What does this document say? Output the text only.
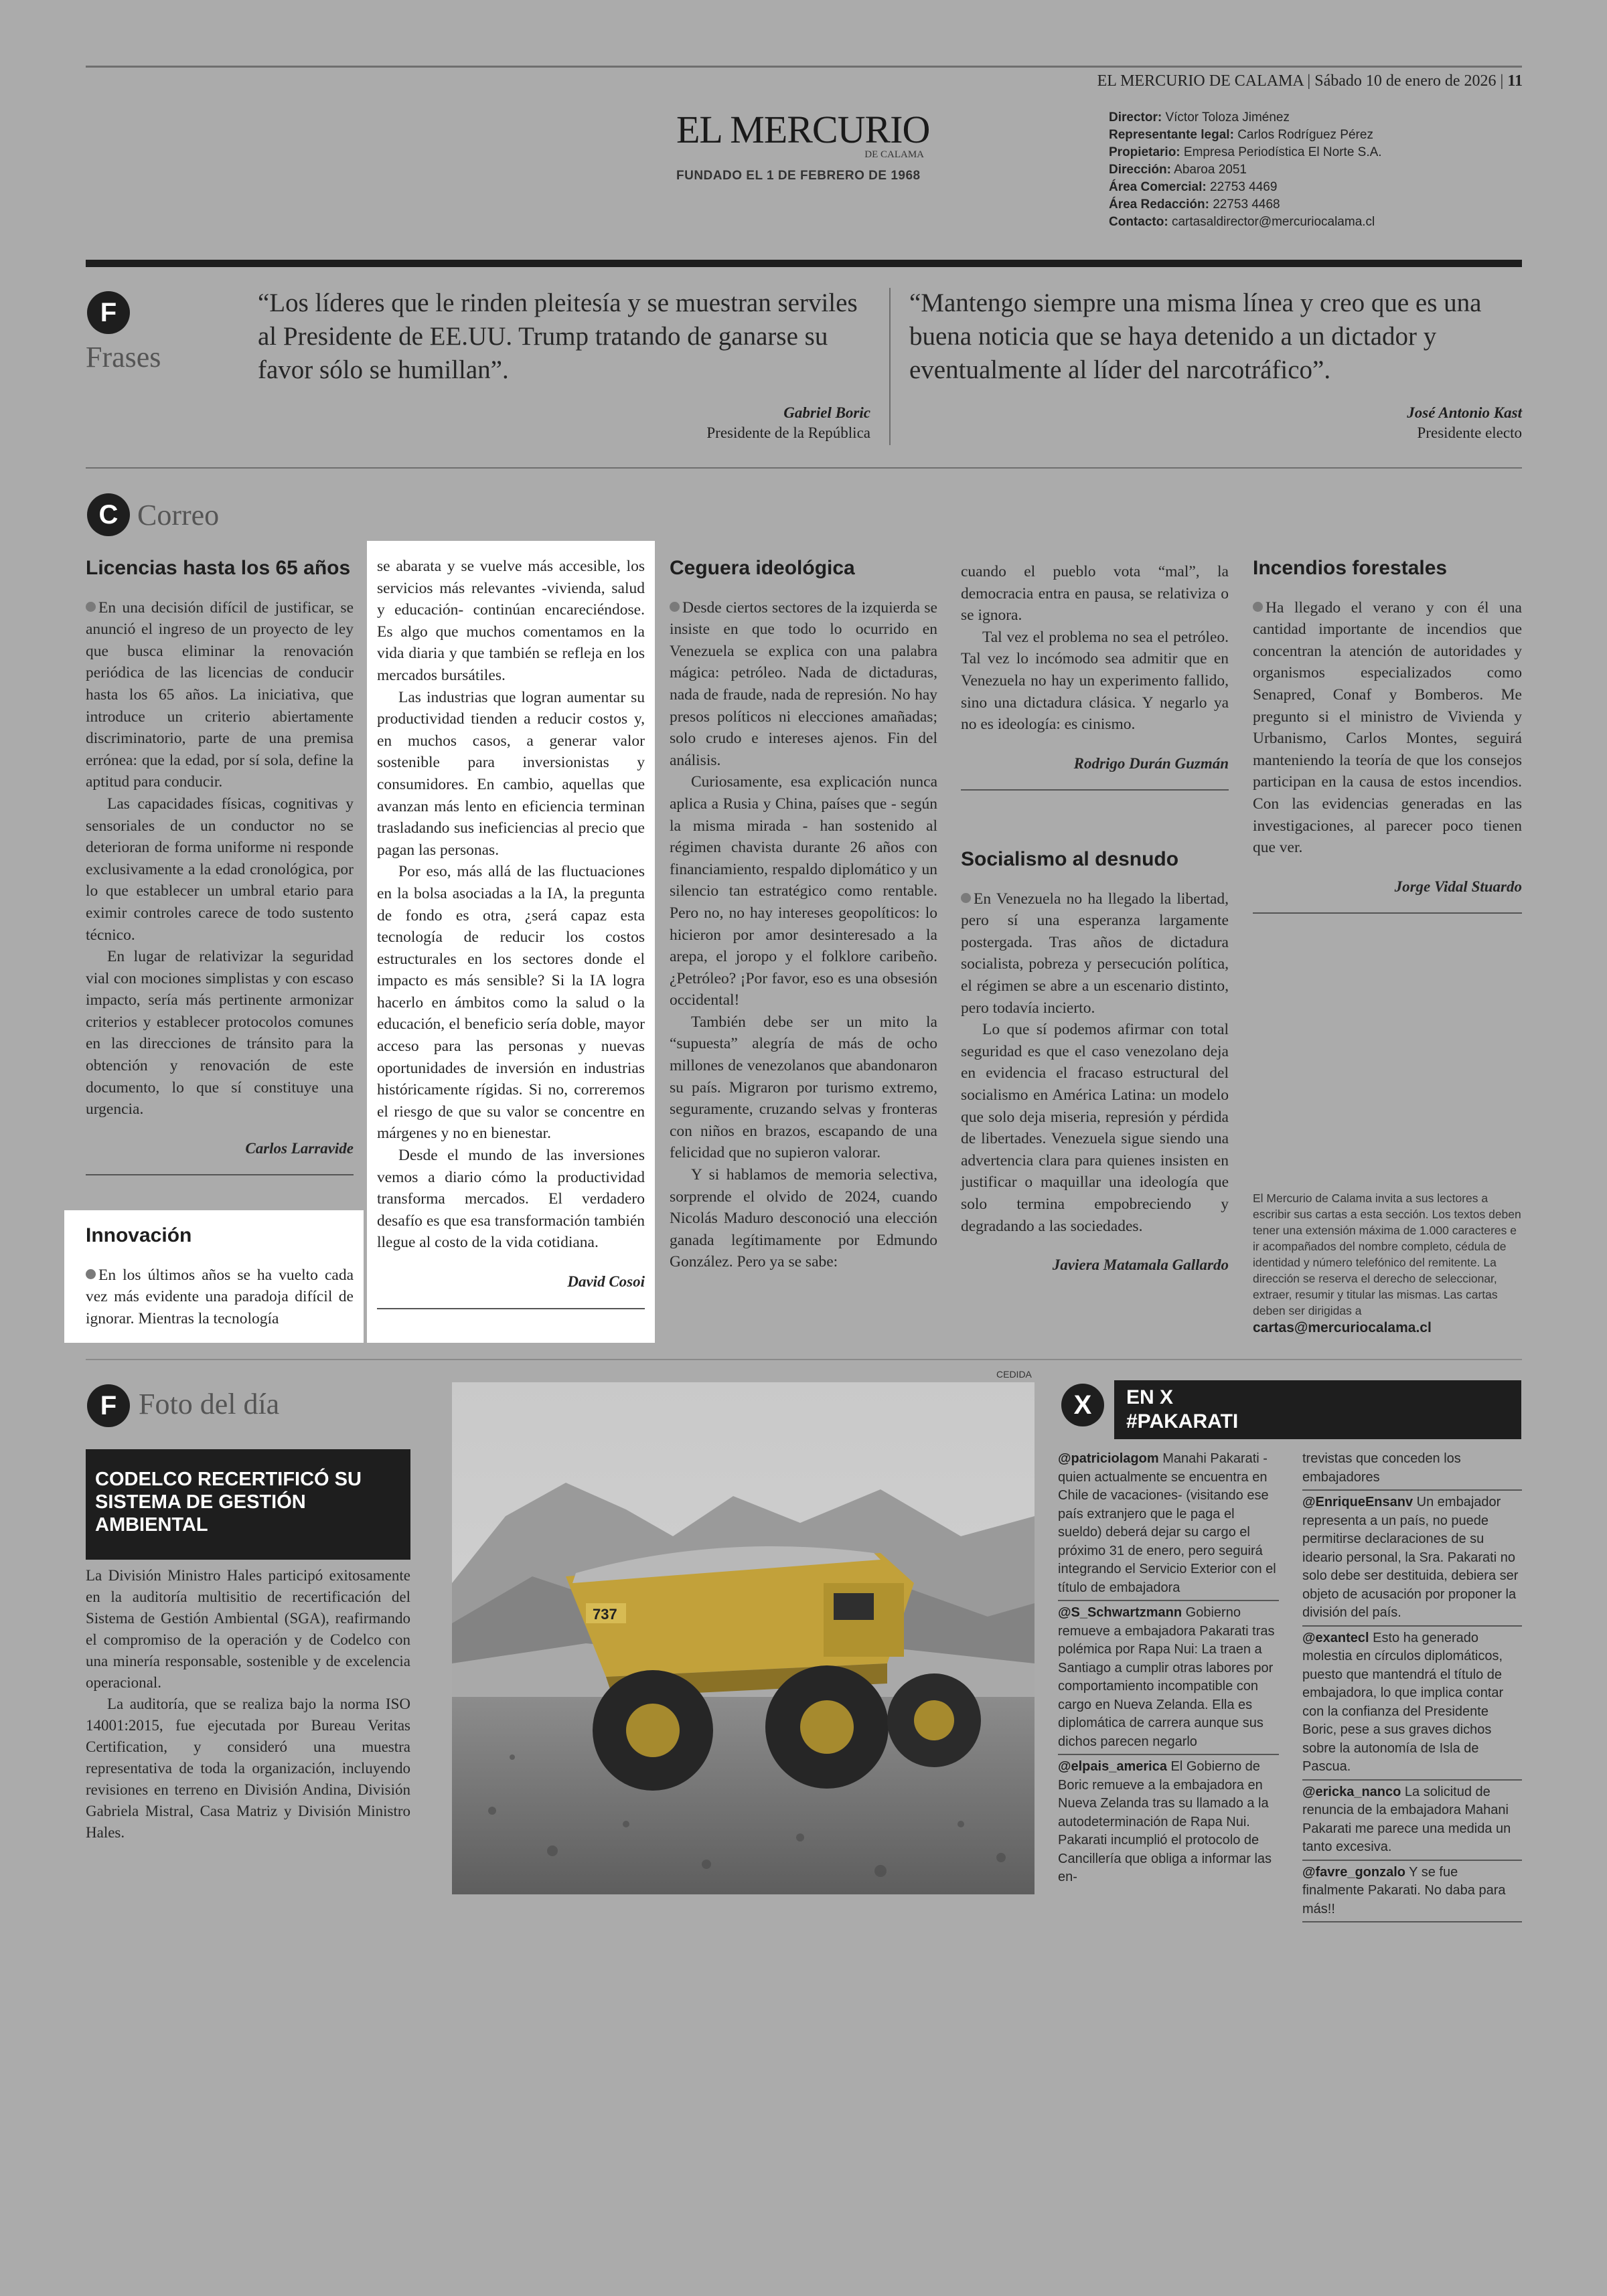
EL MERCURIO DE CALAMA | Sábado 10 de enero de 2026 | 11
EL MERCURIO
DE CALAMA
FUNDADO EL 1 DE FEBRERO DE 1968
Director: Víctor Toloza Jiménez
Representante legal: Carlos Rodríguez Pérez
Propietario: Empresa Periodística El Norte S.A.
Dirección: Abaroa 2051
Área Comercial: 22753 4469
Área Redacción: 22753 4468
Contacto: cartasaldirector@mercuriocalama.cl
F
Frases
“Los líderes que le rinden pleitesía y se muestran serviles al Presidente de EE.UU. Trump tratando de ganarse su favor sólo se humillan”.
Gabriel Boric
Presidente de la República
“Mantengo siempre una misma línea y creo que es una buena noticia que se haya detenido a un dictador y eventualmente al líder del narcotráfico”.
José Antonio Kast
Presidente electo
C Correo
Licencias hasta los 65 años

En una decisión difícil de justificar, se anunció el ingreso de un proyecto de ley que busca eliminar la renovación periódica de las licencias de conducir hasta los 65 años. La iniciativa, que introduce un criterio abiertamente discriminatorio, parte de una premisa errónea: que la edad, por sí sola, define la aptitud para conducir.

Las capacidades físicas, cognitivas y sensoriales de un conductor no se deterioran de forma uniforme ni responde exclusivamente a la edad cronológica, por lo que establecer un umbral etario para eximir controles carece de todo sustento técnico.

En lugar de relativizar la seguridad vial con mociones simplistas y con escaso impacto, sería más pertinente armonizar criterios y establecer protocolos comunes en las direcciones de tránsito para la obtención y renovación de este documento, lo que sí constituye una urgencia.

Carlos Larravide
Innovación

En los últimos años se ha vuelto cada vez más evidente una paradoja difícil de ignorar. Mientras la tecnología

se abarata y se vuelve más accesible, los servicios más relevantes -vivienda, salud y educación- continúan encareciéndose. Es algo que muchos comentamos en la vida diaria y que también se refleja en los mercados bursátiles.

Las industrias que logran aumentar su productividad tienden a reducir costos y, en muchos casos, a generar valor sostenible para inversionistas y consumidores. En cambio, aquellas que avanzan más lento en eficiencia terminan trasladando sus ineficiencias al precio que pagan las personas.

Por eso, más allá de las fluctuaciones en la bolsa asociadas a la IA, la pregunta de fondo es otra, ¿será capaz esta tecnología de reducir los costos estructurales en los sectores donde el impacto es más sensible? Si la IA logra hacerlo en ámbitos como la salud o la educación, el beneficio sería doble, mayor acceso para las personas y nuevas oportunidades de inversión en industrias históricamente rígidas. Si no, correremos el riesgo de que su valor se concentre en márgenes y no en bienestar.

Desde el mundo de las inversiones vemos a diario cómo la productividad transforma mercados. El verdadero desafío es que esa transformación también llegue al costo de la vida cotidiana.

David Cosoi
Ceguera ideológica

Desde ciertos sectores de la izquierda se insiste en que todo lo ocurrido en Venezuela se explica con una palabra mágica: petróleo. Nada de dictaduras, nada de fraude, nada de represión. No hay presos políticos ni elecciones amañadas; solo crudo e intereses ajenos. Fin del análisis.

Curiosamente, esa explicación nunca aplica a Rusia y China, países que - según la misma mirada - han sostenido al régimen chavista durante 26 años con financiamiento, respaldo diplomático y un silencio tan estratégico como rentable. Pero no, no hay intereses geopolíticos: lo hicieron por amor desinteresado a la arepa, el joropo y el folklore caribeño. ¿Petróleo? ¡Por favor, eso es una obsesión occidental!

También debe ser un mito la “supuesta” alegría de más de ocho millones de venezolanos que abandonaron su país. Migraron por turismo extremo, seguramente, cruzando selvas y fronteras con niños en brazos, escapando de una felicidad que no supieron valorar.

Y si hablamos de memoria selectiva, sorprende el olvido de 2024, cuando Nicolás Maduro desconoció una elección ganada legítimamente por Edmundo González. Pero ya se sabe:

cuando el pueblo vota “mal”, la democracia entra en pausa, se relativiza o se ignora.

Tal vez el problema no sea el petróleo. Tal vez lo incómodo sea admitir que en Venezuela no hay un experimento fallido, sino una dictadura clásica. Y negarlo ya no es ideología: es cinismo.

Rodrigo Durán Guzmán
Socialismo al desnudo

En Venezuela no ha llegado la libertad, pero sí una esperanza largamente postergada. Tras años de dictadura socialista, pobreza y persecución política, el régimen se abre a un escenario distinto, pero todavía incierto.

Lo que sí podemos afirmar con total seguridad es que el caso venezolano deja en evidencia el fracaso estructural del socialismo en América Latina: un modelo que solo deja miseria, represión y pérdida de libertades. Venezuela sigue siendo una advertencia clara para quienes insisten en justificar o maquillar una ideología que solo termina empobreciendo y degradando a las sociedades.

Javiera Matamala Gallardo
Incendios forestales

Ha llegado el verano y con él una cantidad importante de incendios que concentran la atención de autoridades y organismos especializados como Senapred, Conaf y Bomberos. Me pregunto si el ministro de Vivienda y Urbanismo, Carlos Montes, seguirá manteniendo la teoría de que los consejos participan en la causa de estos incendios. Con las evidencias generadas en las investigaciones, al parecer poco tienen que ver.

Jorge Vidal Stuardo
El Mercurio de Calama invita a sus lectores a escribir sus cartas a esta sección. Los textos deben tener una extensión máxima de 1.000 caracteres e ir acompañados del nombre completo, cédula de identidad y número telefónico del remitente. La dirección se reserva el derecho de seleccionar, extraer, resumir y titular las mismas. Las cartas deben ser dirigidas a
cartas@mercuriocalama.cl
F Foto del día
CODELCO RECERTIFICÓ SU SISTEMA DE GESTIÓN AMBIENTAL

La División Ministro Hales participó exitosamente en la auditoría multisitio de recertificación del Sistema de Gestión Ambiental (SGA), reafirmando el compromiso de la operación y de Codelco con una minería responsable, sostenible y de excelencia operacional.

La auditoría, que se realiza bajo la norma ISO 14001:2015, fue ejecutada por Bureau Veritas Certification, y consideró una muestra representativa de toda la organización, incluyendo revisiones en terreno en División Andina, División Gabriela Mistral, Casa Matriz y División Ministro Hales.

CEDIDA
737
X	EN X
#PAKARATI
@patriciolagom Manahi Pakarati - quien actualmente se encuentra en Chile de vacaciones- (visitando ese país extranjero que le paga el sueldo) deberá dejar su cargo el próximo 31 de enero, pero seguirá integrando el Servicio Exterior con el título de embajadora
@S_Schwartzmann Gobierno remueve a embajadora Pakarati tras polémica por Rapa Nui: La traen a Santiago a cumplir otras labores por comportamiento incompatible con cargo en Nueva Zelanda. Ella es diplomática de carrera aunque sus dichos parecen negarlo
@elpais_america El Gobierno de Boric remueve a la embajadora en Nueva Zelanda tras su llamado a la autodeterminación de Rapa Nui. Pakarati incumplió el protocolo de Cancillería que obliga a informar las en-
trevistas que conceden los embajadores
@EnriqueEnsanv Un embajador representa a un país, no puede permitirse declaraciones de su ideario personal, la Sra. Pakarati no solo debe ser destituida, debiera ser objeto de acusación por proponer la división del país.
@exantecl Esto ha generado molestia en círculos diplomáticos, puesto que mantendrá el título de embajadora, lo que implica contar con la confianza del Presidente Boric, pese a sus graves dichos sobre la autonomía de Isla de Pascua.
@ericka_nanco La solicitud de renuncia de la embajadora Mahani Pakarati me parece una medida un tanto excesiva.
@favre_gonzalo Y se fue finalmente Pakarati. No daba para más!!
